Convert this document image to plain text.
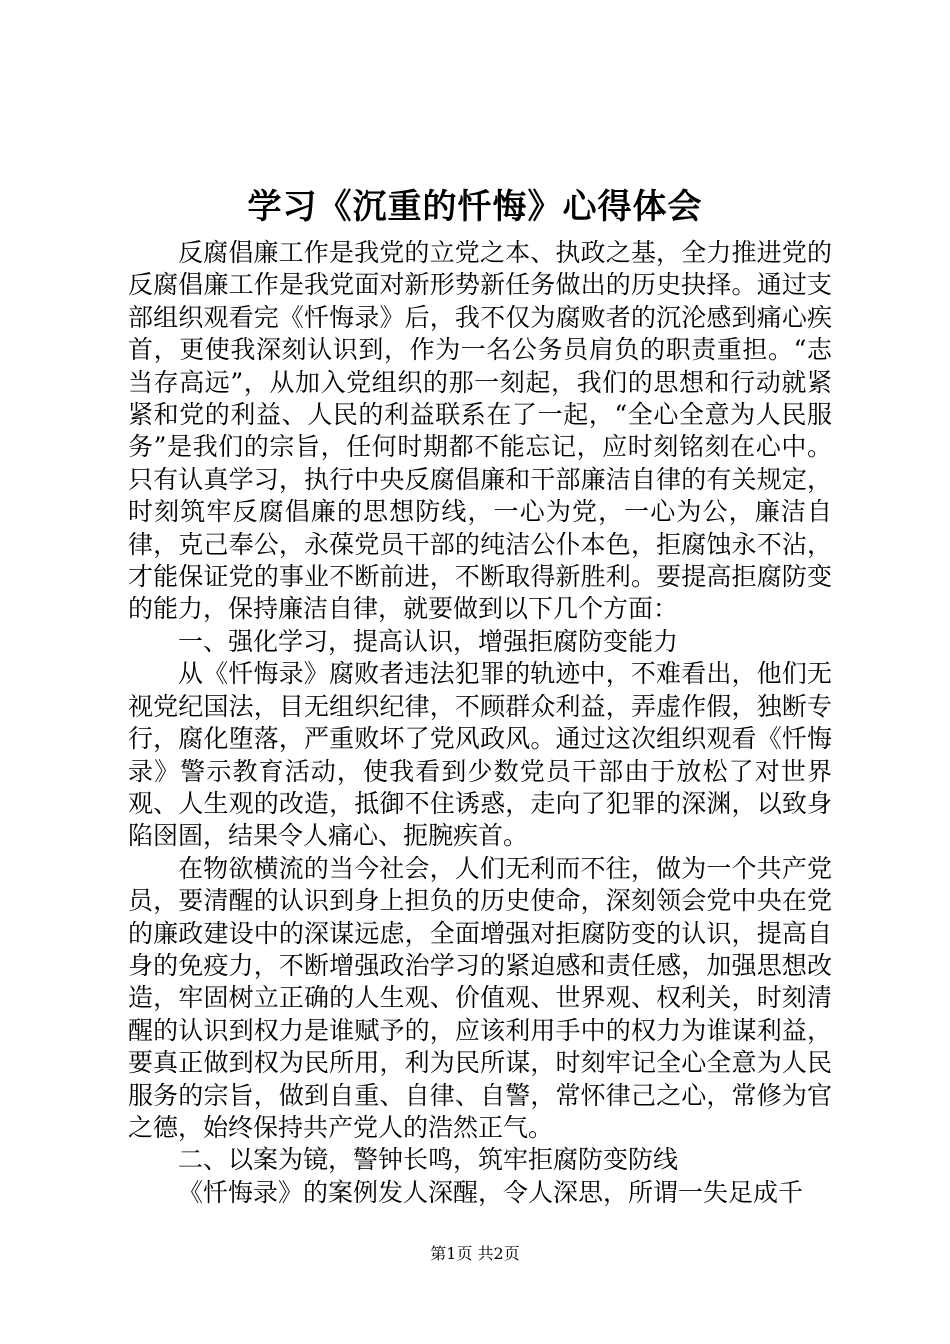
学习《沉重的忏悔》心得体会

反腐倡廉工作是我党的立党之本、执政之基，全力推进党的反腐倡廉工作是我党面对新形势新任务做出的历史抉择。通过支部组织观看完《忏悔录》后，我不仅为腐败者的沉沦感到痛心疾首，更使我深刻认识到，作为一名公务员肩负的职责重担。“志当存高远”，从加入党组织的那一刻起，我们的思想和行动就紧紧和党的利益、人民的利益联系在了一起，“全心全意为人民服务”是我们的宗旨，任何时期都不能忘记，应时刻铭刻在心中。只有认真学习，执行中央反腐倡廉和干部廉洁自律的有关规定，时刻筑牢反腐倡廉的思想防线，一心为党，一心为公，廉洁自律，克己奉公，永葆党员干部的纯洁公仆本色，拒腐蚀永不沾，才能保证党的事业不断前进，不断取得新胜利。要提高拒腐防变的能力，保持廉洁自律，就要做到以下几个方面：

一、强化学习，提高认识，增强拒腐防变能力

从《忏悔录》腐败者违法犯罪的轨迹中，不难看出，他们无视党纪国法，目无组织纪律，不顾群众利益，弄虚作假，独断专行，腐化堕落，严重败坏了党风政风。通过这次组织观看《忏悔录》警示教育活动，使我看到少数党员干部由于放松了对世界观、人生观的改造，抵御不住诱惑，走向了犯罪的深渊，以致身陷囹圄，结果令人痛心、扼腕疾首。

在物欲横流的当今社会，人们无利而不往，做为一个共产党员，要清醒的认识到身上担负的历史使命，深刻领会党中央在党的廉政建设中的深谋远虑，全面增强对拒腐防变的认识，提高自身的免疫力，不断增强政治学习的紧迫感和责任感，加强思想改造，牢固树立正确的人生观、价值观、世界观、权利关，时刻清醒的认识到权力是谁赋予的，应该利用手中的权力为谁谋利益，要真正做到权为民所用，利为民所谋，时刻牢记全心全意为人民服务的宗旨，做到自重、自律、自警，常怀律己之心，常修为官之德，始终保持共产党人的浩然正气。

二、以案为镜，警钟长鸣，筑牢拒腐防变防线

《忏悔录》的案例发人深醒，令人深思，所谓一失足成千

第1页 共2页
